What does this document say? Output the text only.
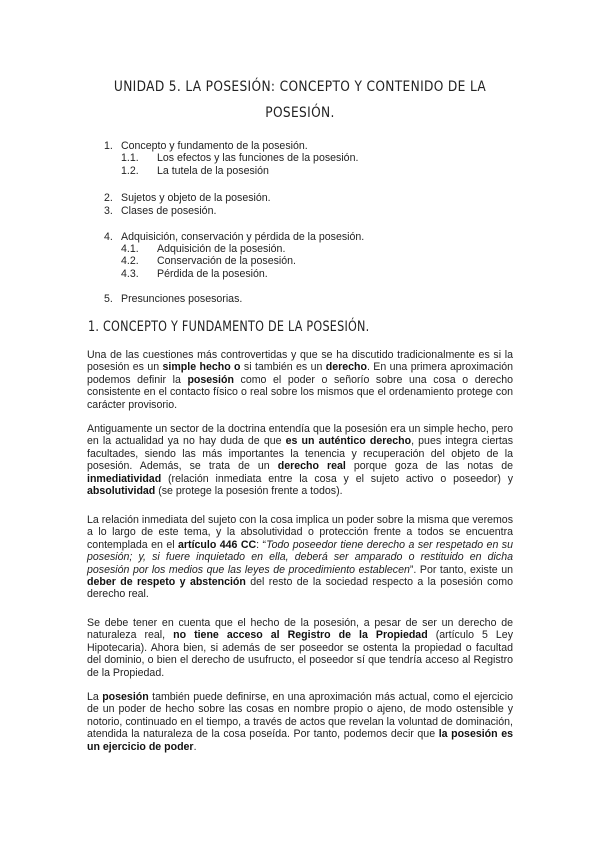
UNIDAD 5. LA POSESIÓN: CONCEPTO Y CONTENIDO DE LA
POSESIÓN.
1. Concepto y fundamento de la posesión.
1.1. Los efectos y las funciones de la posesión.
1.2. La tutela de la posesión
2. Sujetos y objeto de la posesión.
3. Clases de posesión.
4. Adquisición, conservación y pérdida de la posesión.
4.1. Adquisición de la posesión.
4.2. Conservación de la posesión.
4.3. Pérdida de la posesión.
5. Presunciones posesorias.
1. CONCEPTO Y FUNDAMENTO DE LA POSESIÓN.
Una de las cuestiones más controvertidas y que se ha discutido tradicionalmente es si la posesión es un simple hecho o si también es un derecho. En una primera aproximación podemos definir la posesión como el poder o señorío sobre una cosa o derecho consistente en el contacto físico o real sobre los mismos que el ordenamiento protege con carácter provisorio.
Antiguamente un sector de la doctrina entendía que la posesión era un simple hecho, pero en la actualidad ya no hay duda de que es un auténtico derecho, pues integra ciertas facultades, siendo las más importantes la tenencia y recuperación del objeto de la posesión. Además, se trata de un derecho real porque goza de las notas de inmediatividad (relación inmediata entre la cosa y el sujeto activo o poseedor) y absolutividad (se protege la posesión frente a todos).
La relación inmediata del sujeto con la cosa implica un poder sobre la misma que veremos a lo largo de este tema, y la absolutividad o protección frente a todos se encuentra contemplada en el artículo 446 CC: “Todo poseedor tiene derecho a ser respetado en su posesión; y, si fuere inquietado en ella, deberá ser amparado o restituido en dicha posesión por los medios que las leyes de procedimiento establecen”. Por tanto, existe un deber de respeto y abstención del resto de la sociedad respecto a la posesión como derecho real.
Se debe tener en cuenta que el hecho de la posesión, a pesar de ser un derecho de naturaleza real, no tiene acceso al Registro de la Propiedad (artículo 5 Ley Hipotecaria). Ahora bien, si además de ser poseedor se ostenta la propiedad o facultad del dominio, o bien el derecho de usufructo, el poseedor sí que tendría acceso al Registro de la Propiedad.
La posesión también puede definirse, en una aproximación más actual, como el ejercicio de un poder de hecho sobre las cosas en nombre propio o ajeno, de modo ostensible y notorio, continuado en el tiempo, a través de actos que revelan la voluntad de dominación, atendida la naturaleza de la cosa poseída. Por tanto, podemos decir que la posesión es un ejercicio de poder.
